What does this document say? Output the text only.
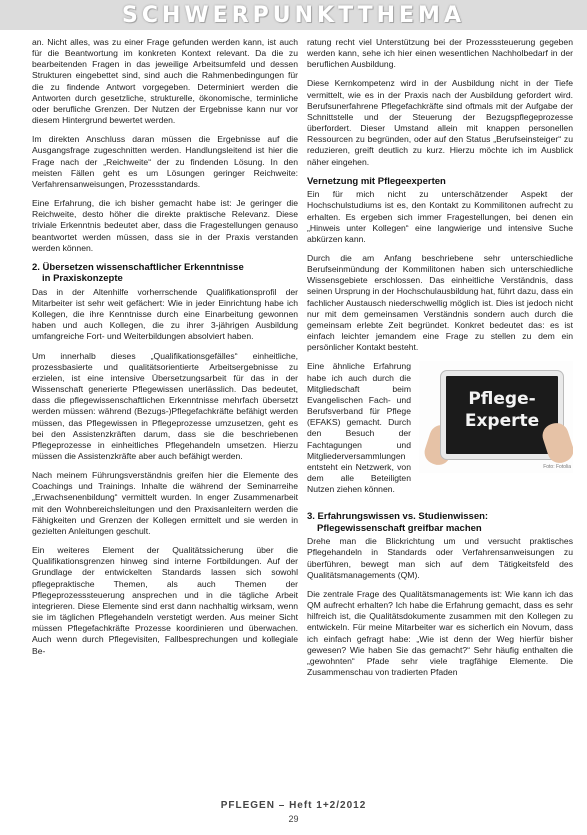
SCHWERPUNKTTHEMA

an. Nicht alles, was zu einer Frage gefunden werden kann, ist auch für die Beantwortung im konkreten Kontext relevant. Da die zu bearbeitenden Fragen in das jeweilige Arbeitsumfeld und dessen Strukturen eingebettet sind, sind auch die Rahmenbedingungen für die zu findende Antwort vorgegeben. Determiniert werden die Antworten durch gesetzliche, strukturelle, ökonomische, terminliche oder berufliche Grenzen. Der Nutzen der Ergebnisse kann nur vor diesem Hintergrund bewertet werden.

Im direkten Anschluss daran müssen die Ergebnisse auf die Ausgangsfrage zugeschnitten werden. Handlungsleitend ist hier die Frage nach der „Reichweite“ der zu findenden Lösung. In den meisten Fällen geht es um Lösungen geringer Reichweite: Verfahrensanweisungen, Prozessstandards.

Eine Erfahrung, die ich bisher gemacht habe ist: Je geringer die Reichweite, desto höher die direkte praktische Relevanz. Diese triviale Erkenntnis bedeutet aber, dass die Fragestellungen genauso beantwortet werden müssen, dass sie in der Praxis verstanden werden können.

2. Übersetzen wissenschaftlicher Erkenntnisse
in Praxiskonzepte

Das in der Altenhilfe vorherrschende Qualifikationsprofil der Mitarbeiter ist sehr weit gefächert: Wie in jeder Einrichtung habe ich Kollegen, die ihre Kenntnisse durch eine Einarbeitung gewonnen haben und auch Kollegen, die zu ihrer 3-jährigen Ausbildung umfangreiche Fort- und Weiterbildungen absolviert haben.

Um innerhalb dieses „Qualifikationsgefälles“ einheitliche, prozessbasierte und qualitätsorientierte Arbeitsergebnisse zu erzielen, ist eine intensive Übersetzungsarbeit für das in der Wissenschaft generierte Pflegewissen unerlässlich. Das bedeutet, dass die pflegewissenschaftlichen Erkenntnisse mehrfach übersetzt werden müssen: während (Bezugs-)Pflegefachkräfte befähigt werden müssen, das Pflegewissen in Pflegeprozesse umzusetzen, geht es bei den Assistenzkräften darum, dass sie die beschriebenen Pflegeprozesse in einheitliches Pflegehandeln umsetzen. Hierzu müssen die Assistenzkräfte aber auch befähigt werden.

Nach meinem Führungsverständnis greifen hier die Elemente des Coachings und Trainings. Inhalte die während der Seminarreihe „Erwachsenenbildung“ vermittelt wurden. In enger Zusammenarbeit mit den Wohnbereichsleitungen und den Praxisanleitern werden die Fähigkeiten und Grenzen der Kollegen ermittelt und sie werden in gezielten Anleitungen geschult.

Ein weiteres Element der Qualitätssicherung über die Qualifikationsgrenzen hinweg sind interne Fortbildungen. Auf der Grundlage der entwickelten Standards lassen sich sowohl pflegepraktische Themen, als auch Themen der Pflegeprozesssteuerung ansprechen und in die tägliche Arbeit integrieren. Diese Elemente sind erst dann nachhaltig wirksam, wenn sie im täglichen Pflegehandeln verstetigt werden. Aus meiner Sicht müssen Pflegefachkräfte Prozesse koordinieren und überwachen. Auch wenn durch Pflegevisiten, Fallbesprechungen und kollegiale Be-

ratung recht viel Unterstützung bei der Prozesssteuerung gegeben werden kann, sehe ich hier einen wesentlichen Nachholbedarf in der beruflichen Ausbildung.

Diese Kernkompetenz wird in der Ausbildung nicht in der Tiefe vermittelt, wie es in der Praxis nach der Ausbildung gefordert wird. Berufsunerfahrene Pflegefachkräfte sind oftmals mit der Aufgabe der Schnittstelle und der Steuerung der Bezugspflegeprozesse überfordert. Dieser Umstand allein mit knappen personellen Ressourcen zu begründen, oder auf den Status „Berufseinsteiger“ zu reduzieren, greift deutlich zu kurz. Hierzu möchte ich im Ausblick näher eingehen.

Vernetzung mit Pflegeexperten

Ein für mich nicht zu unterschätzender Aspekt der Hochschulstudiums ist es, den Kontakt zu Kommilitonen aufrecht zu erhalten. Es ergeben sich immer Fragestellungen, bei denen ein „Hinweis unter Kollegen“ eine langwierige und intensive Suche abkürzen kann.

Durch die am Anfang beschriebene sehr unterschiedliche Berufseinmündung der Kommilitonen haben sich unterschiedliche Wissensgebiete erschlossen. Das einheitliche Verständnis, dass seinen Ursprung in der Hochschulausbildung hat, führt dazu, dass ein fachlicher Austausch niederschwellig möglich ist. Dies ist jedoch nicht nur mit dem gemeinsamen Verständnis sondern auch durch die gemeinsam erlebte Zeit begründet. Konkret bedeutet das: es ist einfach leichter jemandem eine Frage zu stellen zu dem ein persönlicher Kontakt besteht.

Pflege-
Experte
Foto: Fotolia

Eine ähnliche Erfahrung habe ich auch durch die Mitgliedschaft beim Evangelischen Fach- und Berufsverband für Pflege (EFAKS) gemacht. Durch den Besuch der Fachtagungen und Mitgliederversammlungen entsteht ein Netzwerk, von dem alle Beteiligten Nutzen ziehen können.

3. Erfahrungswissen vs. Studienwissen:
Pflegewissenschaft greifbar machen

Drehe man die Blickrichtung um und versucht praktisches Pflegehandeln in Standards oder Verfahrensanweisungen zu überführen, bewegt man sich auf dem Tätigkeitsfeld des Qualitätsmanagements (QM).

Die zentrale Frage des Qualitätsmanagements ist: Wie kann ich das QM aufrecht erhalten? Ich habe die Erfahrung gemacht, dass es sehr hilfreich ist, die Qualitätsdokumente zusammen mit den Kollegen zu entwickeln. Für meine Mitarbeiter war es sicherlich ein Novum, dass ich einfach gefragt habe: „Wie ist denn der Weg hierfür bisher gewesen? Wie haben Sie das gemacht?“ Sehr häufig enthalten die „gewohnten“ Pfade sehr viele tragfähige Elemente. Die Zusammenschau von tradierten Pfaden

PFLEGEN – Heft 1+2/2012
29
